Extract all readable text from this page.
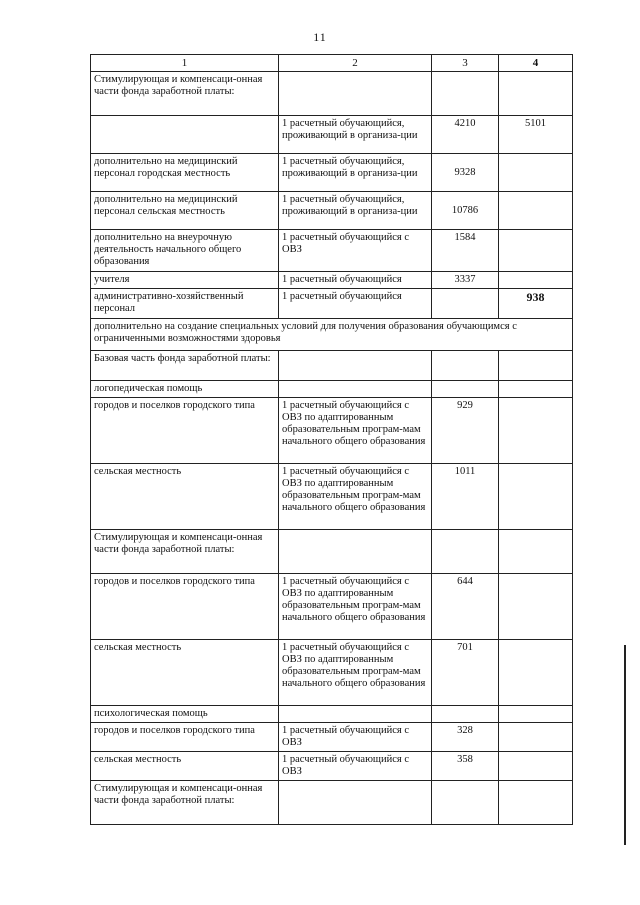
11
1	2	3	4
Стимулирующая и компенсаци-онная части фонда заработной платы:			
	1 расчетный обучающийся, проживающий в организа-ции	4210	5101
дополнительно на медицинский персонал городская местность	1 расчетный обучающийся, проживающий в организа-ции	9328	
дополнительно на медицинский персонал сельская местность	1 расчетный обучающийся, проживающий в организа-ции	10786	
дополнительно на внеурочную деятельность начального общего образования	1 расчетный обучающийся с ОВЗ	1584	
учителя	1 расчетный обучающийся	3337	
административно-хозяйственный персонал	1 расчетный обучающийся		938
дополнительно на создание специальных условий для получения образования обучающимся с ограниченными возможностями здоровья			
Базовая часть фонда заработной платы:			
логопедическая помощь			
городов и поселков городского типа	1 расчетный обучающийся с ОВЗ по адаптированным образовательным програм-мам начального общего образования	929	
сельская местность	1 расчетный обучающийся с ОВЗ по адаптированным образовательным програм-мам начального общего образования	1011	
Стимулирующая и компенсаци-онная части фонда заработной платы:			
городов и поселков городского типа	1 расчетный обучающийся с ОВЗ по адаптированным образовательным програм-мам начального общего образования	644	
сельская местность	1 расчетный обучающийся с ОВЗ по адаптированным образовательным програм-мам начального общего образования	701	
психологическая помощь			
городов и поселков городского типа	1 расчетный обучающийся с ОВЗ	328	
сельская местность	1 расчетный обучающийся с ОВЗ	358	
Стимулирующая и компенсаци-онная части фонда заработной платы:			
